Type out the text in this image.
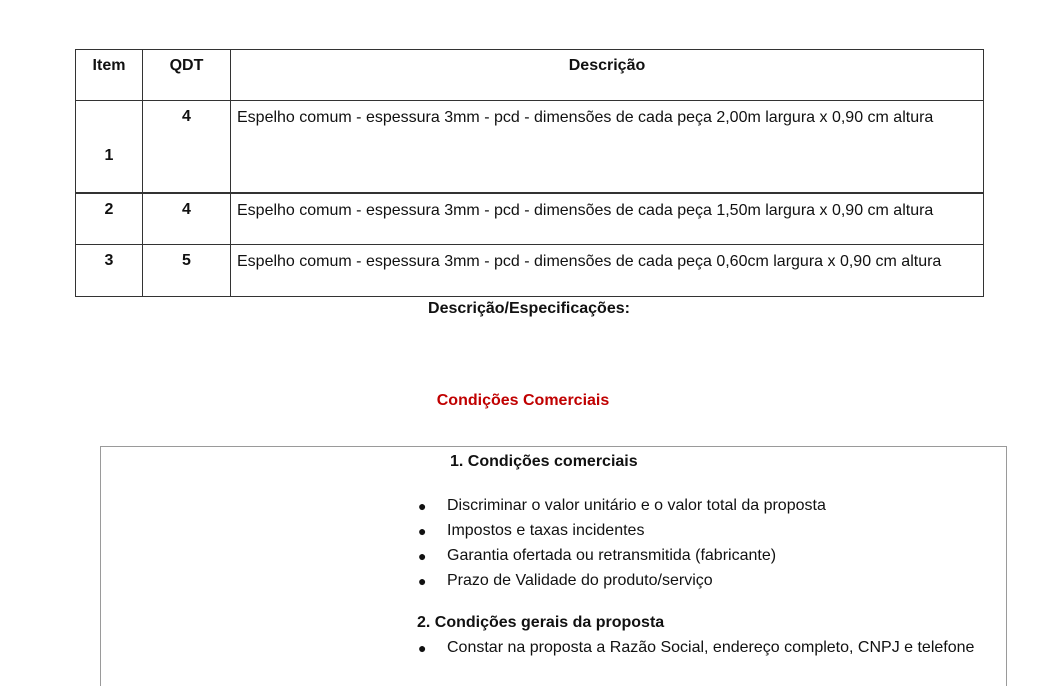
Item	QDT	Descrição
1	4	Espelho comum - espessura 3mm - pcd - dimensões de cada peça 2,00m largura x 0,90 cm altura
2	4	Espelho comum - espessura 3mm - pcd - dimensões de cada peça 1,50m largura x 0,90 cm altura
3	5	Espelho comum - espessura 3mm - pcd - dimensões de cada peça 0,60cm largura x 0,90 cm altura
Descrição/Especificações:
Condições Comerciais
1. Condições comerciais
● Discriminar o valor unitário e o valor total da proposta
● Impostos e taxas incidentes
● Garantia ofertada ou retransmitida (fabricante)
● Prazo de Validade do produto/serviço
2. Condições gerais da proposta
● Constar na proposta a Razão Social, endereço completo, CNPJ e telefone
